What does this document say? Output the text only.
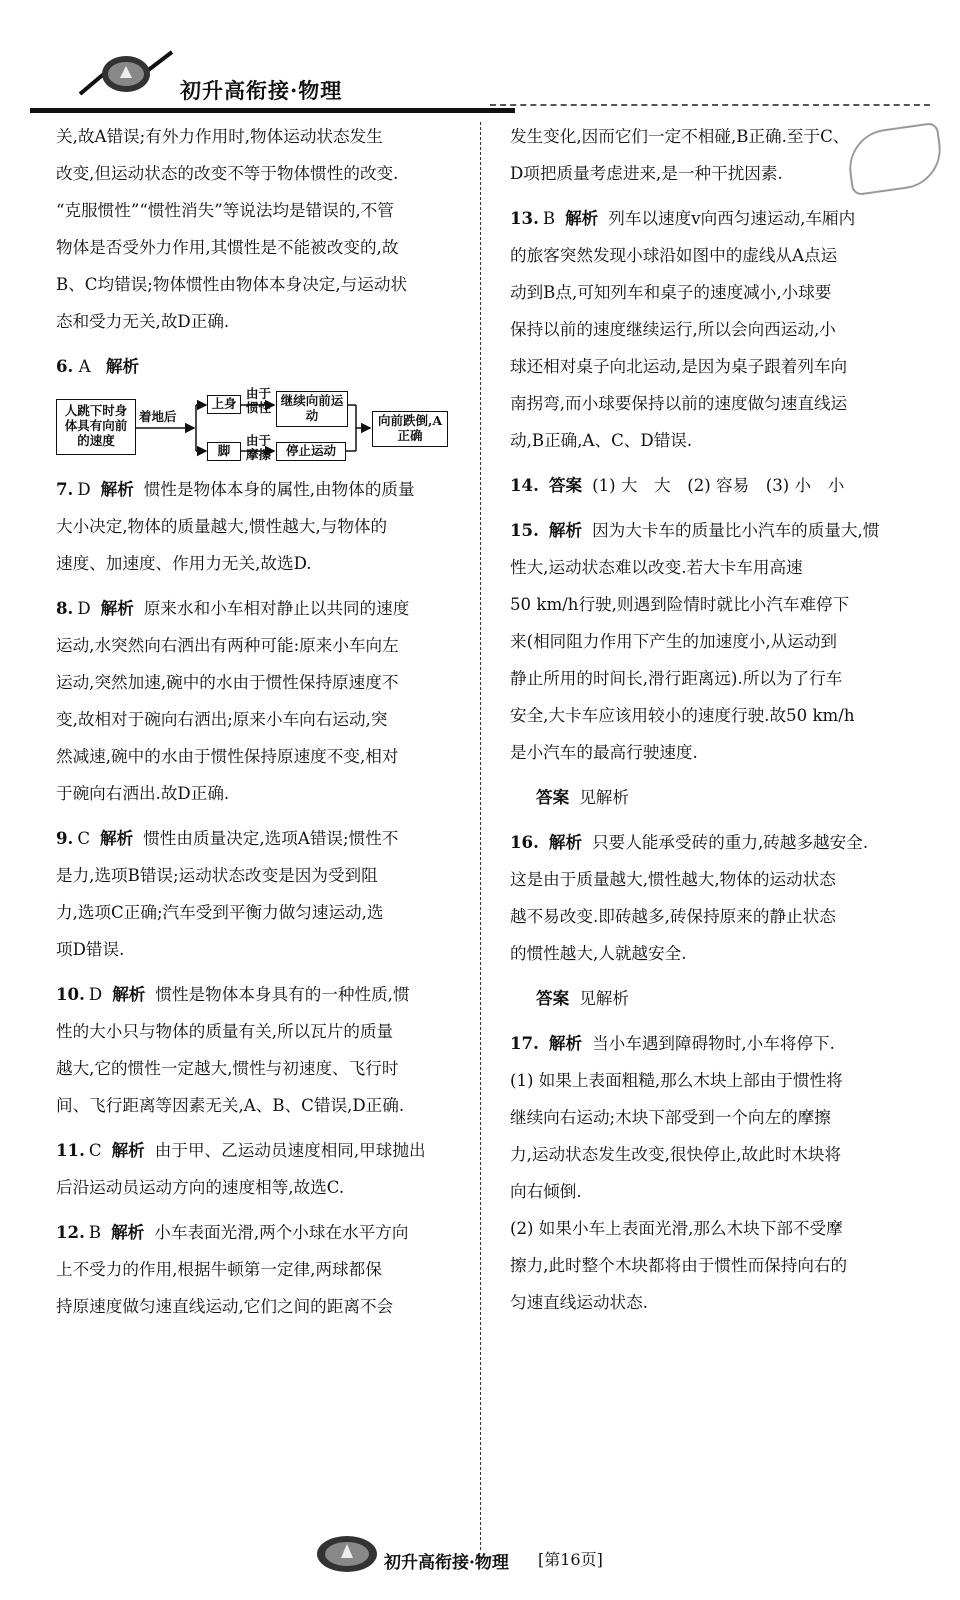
初升高衔接·物理
关,故A错误;有外力作用时,物体运动状态发生
改变,但运动状态的改变不等于物体惯性的改变.
“克服惯性”“惯性消失”等说法均是错误的,不管
物体是否受外力作用,其惯性是不能被改变的,故
B、C均错误;物体惯性由物体本身决定,与运动状
态和受力无关,故D正确.
6. A 解析
人跳下时身体具有向前的速度
着地后
上身
由于惯性 继续向前运动
脚
由于摩擦	停止运动
向前跌倒,A正确
7. D 解析 惯性是物体本身的属性,由物体的质量
大小决定,物体的质量越大,惯性越大,与物体的
速度、加速度、作用力无关,故选D.
8. D 解析 原来水和小车相对静止以共同的速度
运动,水突然向右洒出有两种可能:原来小车向左
运动,突然加速,碗中的水由于惯性保持原速度不
变,故相对于碗向右洒出;原来小车向右运动,突
然减速,碗中的水由于惯性保持原速度不变,相对
于碗向右洒出.故D正确.
9. C 解析 惯性由质量决定,选项A错误;惯性不
是力,选项B错误;运动状态改变是因为受到阻
力,选项C正确;汽车受到平衡力做匀速运动,选
项D错误.
10. D 解析 惯性是物体本身具有的一种性质,惯
性的大小只与物体的质量有关,所以瓦片的质量
越大,它的惯性一定越大,惯性与初速度、飞行时
间、飞行距离等因素无关,A、B、C错误,D正确.
11. C 解析 由于甲、乙运动员速度相同,甲球抛出
后沿运动员运动方向的速度相等,故选C.
12. B 解析 小车表面光滑,两个小球在水平方向
上不受力的作用,根据牛顿第一定律,两球都保
持原速度做匀速直线运动,它们之间的距离不会
发生变化,因而它们一定不相碰,B正确.至于C、
D项把质量考虑进来,是一种干扰因素.
13. B 解析 列车以速度v向西匀速运动,车厢内
的旅客突然发现小球沿如图中的虚线从A点运
动到B点,可知列车和桌子的速度减小,小球要
保持以前的速度继续运行,所以会向西运动,小
球还相对桌子向北运动,是因为桌子跟着列车向
南拐弯,而小球要保持以前的速度做匀速直线运
动,B正确,A、C、D错误.
14. 答案 (1) 大　大　(2) 容易　(3) 小　小
15. 解析 因为大卡车的质量比小汽车的质量大,惯
性大,运动状态难以改变.若大卡车用高速
50 km/h行驶,则遇到险情时就比小汽车难停下
来(相同阻力作用下产生的加速度小,从运动到
静止所用的时间长,滑行距离远).所以为了行车
安全,大卡车应该用较小的速度行驶.故50 km/h
是小汽车的最高行驶速度.
答案 见解析
16. 解析 只要人能承受砖的重力,砖越多越安全.
这是由于质量越大,惯性越大,物体的运动状态
越不易改变.即砖越多,砖保持原来的静止状态
的惯性越大,人就越安全.
答案 见解析
17. 解析 当小车遇到障碍物时,小车将停下.
(1) 如果上表面粗糙,那么木块上部由于惯性将
继续向右运动;木块下部受到一个向左的摩擦
力,运动状态发生改变,很快停止,故此时木块将
向右倾倒.
(2) 如果小车上表面光滑,那么木块下部不受摩
擦力,此时整个木块都将由于惯性而保持向右的
匀速直线运动状态.
初升高衔接·物理 [第16页]
